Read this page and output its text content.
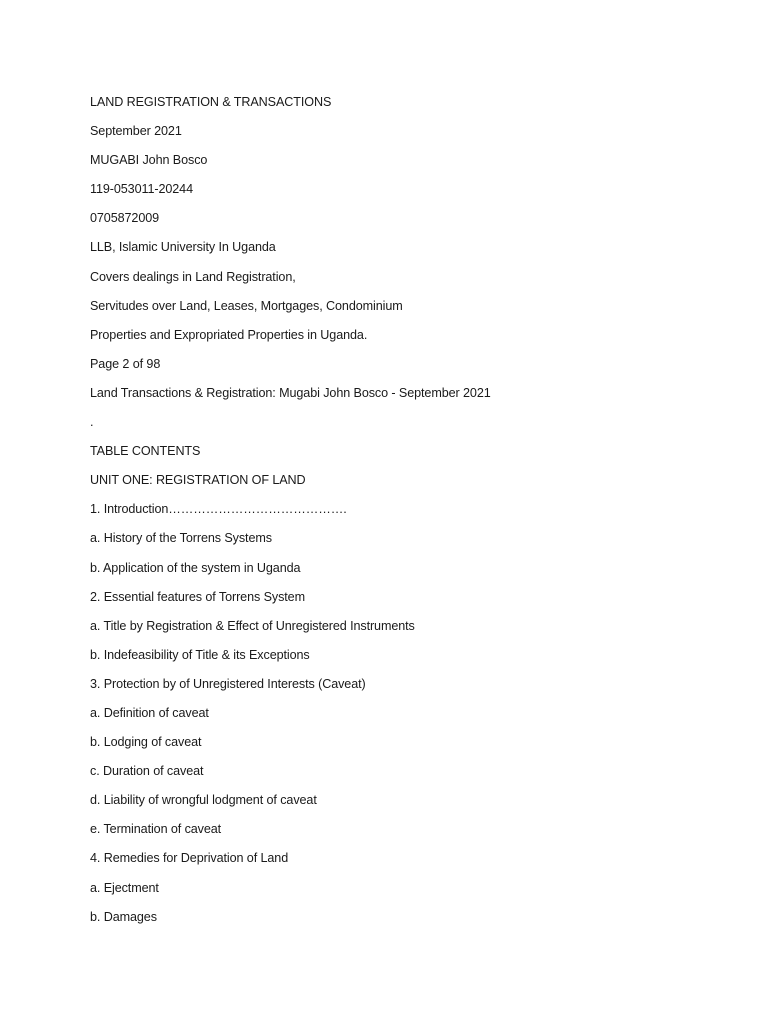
LAND REGISTRATION & TRANSACTIONS
September 2021
MUGABI John Bosco
119-053011-20244
0705872009
LLB, Islamic University In Uganda
Covers dealings in Land Registration,
Servitudes over Land, Leases, Mortgages, Condominium
Properties and Expropriated Properties in Uganda.
Page 2 of 98
Land Transactions & Registration: Mugabi John Bosco - September 2021
.
TABLE CONTENTS
UNIT ONE: REGISTRATION OF LAND
1. Introduction…………………………………….
a. History of the Torrens Systems
b. Application of the system in Uganda
2. Essential features of Torrens System
a. Title by Registration & Effect of Unregistered Instruments
b. Indefeasibility of Title & its Exceptions
3. Protection by of Unregistered Interests (Caveat)
a. Definition of caveat
b. Lodging of caveat
c. Duration of caveat
d. Liability of wrongful lodgment of caveat
e. Termination of caveat
4. Remedies for Deprivation of Land
a. Ejectment
b. Damages
